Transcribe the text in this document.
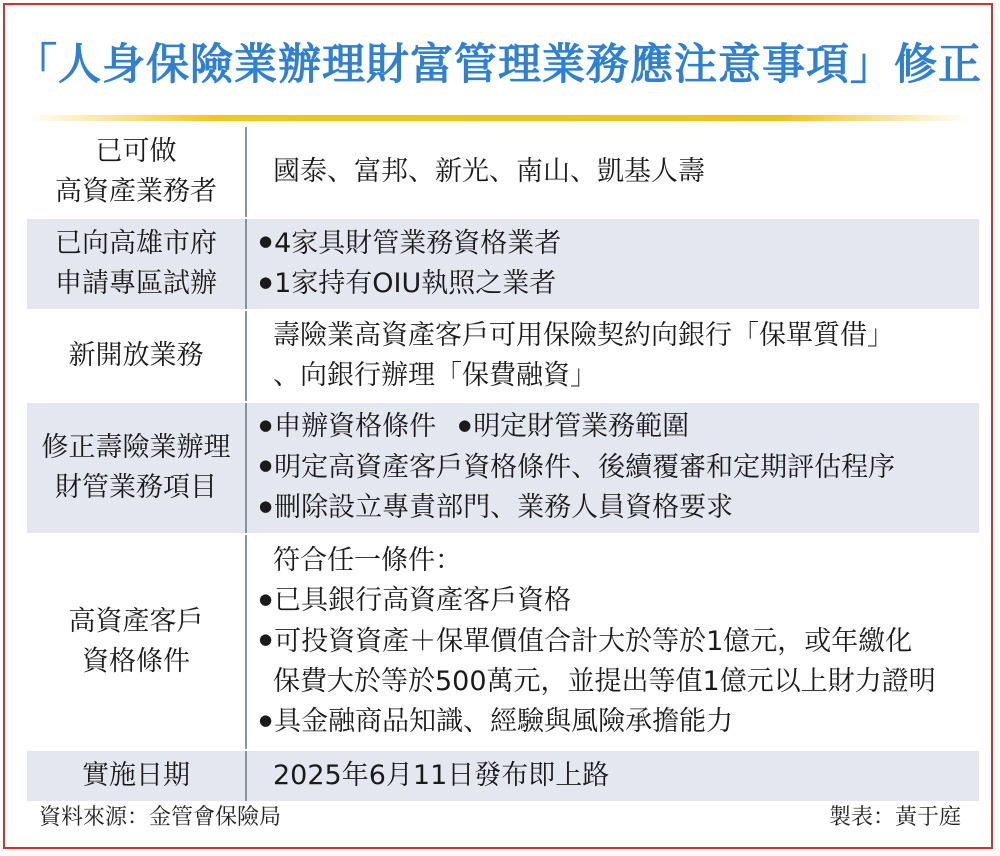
「人身保險業辦理財富管理業務應注意事項」修正
已可做
高資產業務者
國泰、富邦、新光、南山、凱基人壽
已向高雄市府
申請專區試辦
● 4家具財管業務資格業者
● 1家持有OIU執照之業者
新開放業務
壽險業高資產客戶可用保險契約向銀行「保單質借」
、向銀行辦理「保費融資」
修正壽險業辦理
財管業務項目
● 申辦資格條件● 明定財管業務範圍
● 明定高資產客戶資格條件、後續覆審和定期評估程序
● 刪除設立專責部門、業務人員資格要求
高資產客戶
資格條件
符合任一條件：
● 已具銀行高資產客戶資格
● 可投資資產＋保單價值合計大於等於1億元，或年繳化
保費大於等於500萬元，並提出等值1億元以上財力證明
● 具金融商品知識、經驗與風險承擔能力
實施日期	2025年6月11日發布即上路
資料來源：金管會保險局	製表：黃于庭
